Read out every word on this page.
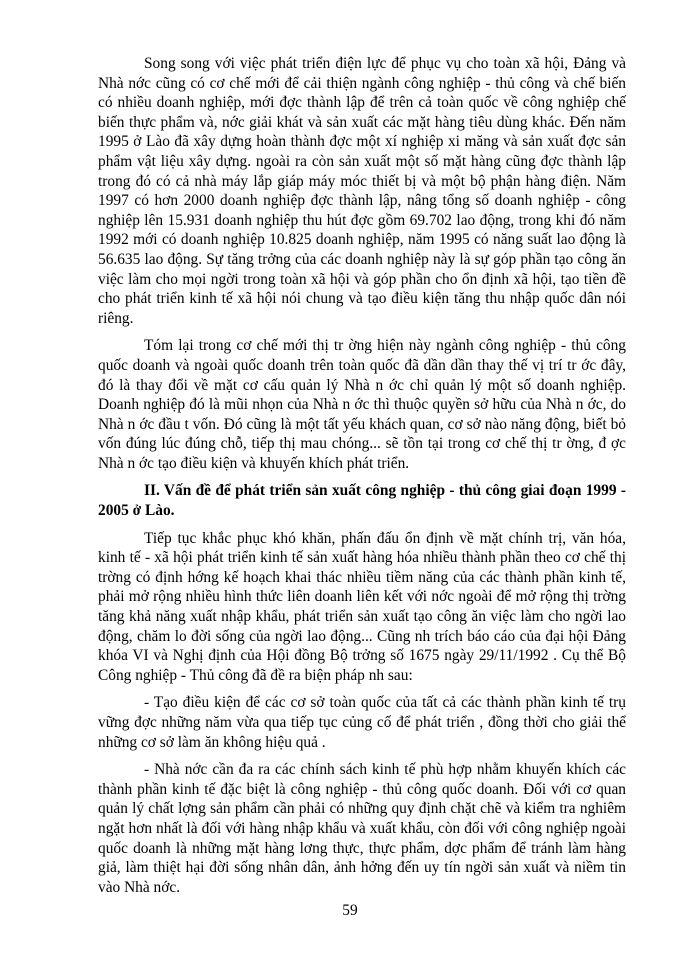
Song song với việc phát triển điện lực để phục vụ cho toàn xã hội, Đảng và Nhà nớc cũng có cơ chế mới để cải thiện ngành công nghiệp - thủ công và chế biến có nhiều doanh nghiệp, mới đợc thành lập để trên cả toàn quốc về công nghiệp chế biến thực phẩm và, nớc giải khát và sản xuất các mặt hàng tiêu dùng khác. Đến năm 1995 ở Lào đã xây dựng hoàn thành đợc một xí nghiệp xi măng và sản xuất đợc sản phẩm vật liệu xây dựng. ngoài ra còn sản xuất một số mặt hàng cũng đợc thành lập trong đó có cả nhà máy lắp giáp máy móc thiết bị và một bộ phận hàng điện. Năm 1997 có hơn 2000 doanh nghiệp đợc thành lập, nâng tổng số doanh nghiệp - công nghiệp lên 15.931 doanh nghiệp thu hút đợc gồm 69.702 lao động, trong khi đó năm 1992 mới có doanh nghiệp 10.825 doanh nghiệp, năm 1995 có năng suất lao động là 56.635 lao động. Sự tăng trởng của các doanh nghiệp này là sự góp phần tạo công ăn việc làm cho mọi ngời trong toàn xã hội và góp phần cho ổn định xã hội, tạo tiền đề cho phát triển kinh tế xã hội nói chung và tạo điều kiện tăng thu nhập quốc dân nói riêng.

Tóm lại trong cơ chế mới thị tr ờng hiện này ngành công nghiệp - thủ công quốc doanh và ngoài quốc doanh trên toàn quốc đã dần dần thay thế vị trí tr ớc đây, đó là thay đổi về mặt cơ cấu quản lý Nhà n ớc chỉ quản lý một số doanh nghiệp. Doanh nghiệp đó là mũi nhọn của Nhà n ớc thì thuộc quyền sở hữu của Nhà n ớc, do Nhà n ớc đầu t vốn. Đó cũng là một tất yếu khách quan, cơ sở nào năng động, biết bỏ vốn đúng lúc đúng chỗ, tiếp thị mau chóng... sẽ tồn tại trong cơ chế thị tr ờng, đ ợc Nhà n ớc tạo điều kiện và khuyến khích phát triển.

II. Vấn đề để phát triển sản xuất công nghiệp - thủ công giai đoạn 1999 - 2005 ở Lào.

Tiếp tục khắc phục khó khăn, phấn đấu ổn định về mặt chính trị, văn hóa, kinh tế - xã hội phát triển kinh tế sản xuất hàng hóa nhiều thành phần theo cơ chế thị trờng có định hớng kế hoạch khai thác nhiều tiềm năng của các thành phần kinh tế, phải mở rộng nhiều hình thức liên doanh liên kết với nớc ngoài để mở rộng thị trờng tăng khả năng xuất nhập khẩu, phát triển sản xuất tạo công ăn việc làm cho ngời lao động, chăm lo đời sống của ngời lao động... Cũng nh trích báo cáo của đại hội Đảng khóa VI và Nghị định của Hội đồng Bộ trởng số 1675 ngày 29/11/1992 . Cụ thể Bộ Công nghiệp - Thủ công đã đề ra biện pháp nh sau:

- Tạo điều kiện để các cơ sở toàn quốc của tất cả các thành phần kinh tế trụ vững đợc những năm vừa qua tiếp tục củng cố để phát triển , đồng thời cho giải thể những cơ sở làm ăn không hiệu quả .

- Nhà nớc cần đa ra các chính sách kinh tế phù hợp nhằm khuyến khích các thành phần kinh tế đặc biệt là công nghiệp - thủ công quốc doanh. Đối với cơ quan quản lý chất lợng sản phẩm cần phải có những quy định chặt chẽ và kiểm tra nghiêm ngặt hơn nhất là đối với hàng nhập khẩu và xuất khẩu, còn đối với công nghiệp ngoài quốc doanh là những mặt hàng lơng thực, thực phẩm, dợc phẩm để tránh làm hàng giả, làm thiệt hại đời sống nhân dân, ảnh hởng đến uy tín ngời sản xuất và niềm tin vào Nhà nớc.

59
